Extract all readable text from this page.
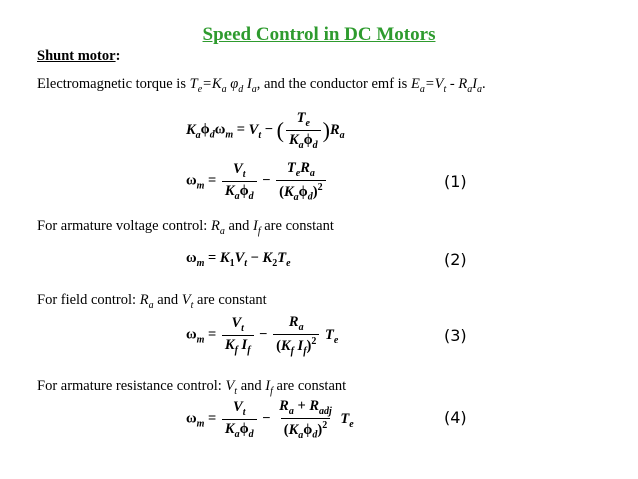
Speed Control in DC Motors
Shunt motor:
Electromagnetic torque is $T_e=K_a$ $\varphi_d$ $I_a$, and the conductor emf is $E_a=V_t - R_aI_a$.
$K_a\phi_d\omega_m = V_t$ − ( $\frac{T_e}{K_a\phi_d} )R_a$
$\omega_m = \frac{V_t}{K_a\phi_d} - \frac{T_eR_a}{(K_a\phi_d)^2}$	(1)
For armature voltage control: $R_a$ and $I_f$ are constant
$\omega_m = K_1V_t - K_2T_e$	(2)
For field control: $R_a$ and $V_t$ are constant
$\omega_m = \frac{V_t}{K_f I_f} - \frac{R_a}{(K_f I_f)^2} T_e$	(3)
For armature resistance control: $V_t$ and $I_f$ are constant
$\omega_m = \frac{V_t}{K_a\phi_d} - \frac{R_a + R_{adj}}{(K_a\phi_d)^2} T_e$	(4)
